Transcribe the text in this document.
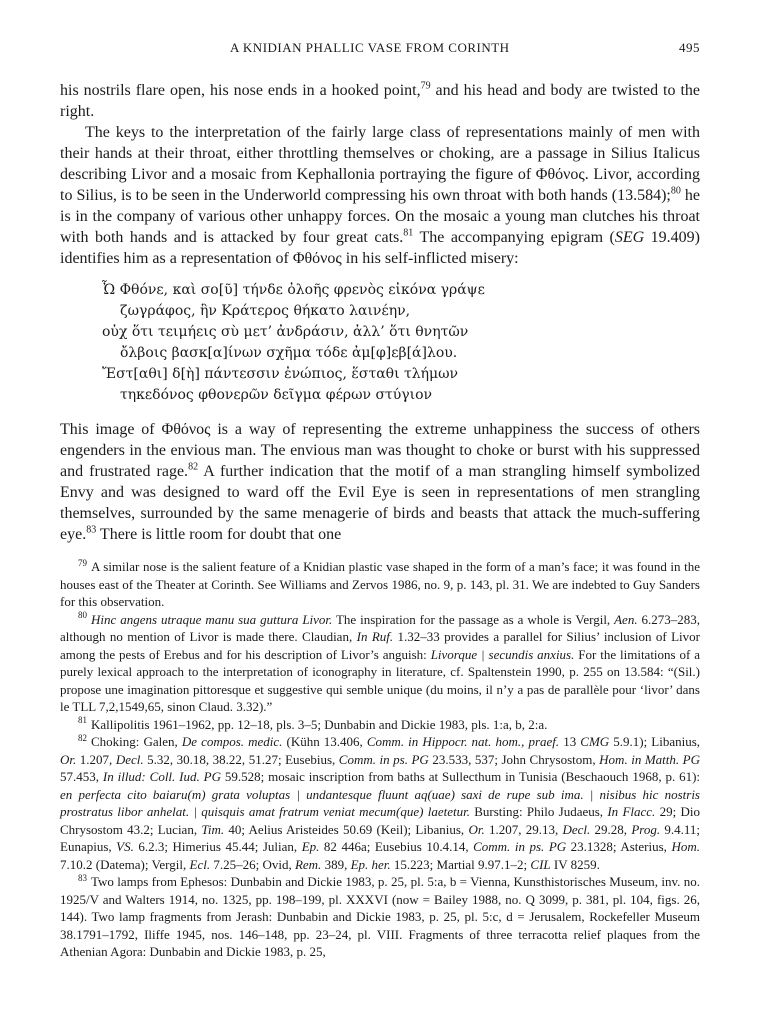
A KNIDIAN PHALLIC VASE FROM CORINTH	495

his nostrils flare open, his nose ends in a hooked point,$^{79}$ and his head and body are twisted to the right.

The keys to the interpretation of the fairly large class of representations mainly of men with their hands at their throat, either throttling themselves or choking, are a passage in Silius Italicus describing Livor and a mosaic from Kephallonia portraying the figure of Φθόνος. Livor, according to Silius, is to be seen in the Underworld compressing his own throat with both hands (13.584);$^{80}$ he is in the company of various other unhappy forces. On the mosaic a young man clutches his throat with both hands and is attacked by four great cats.$^{81}$ The accompanying epigram (SEG 19.409) identifies him as a representation of Φθόνος in his self-inflicted misery:

Ὦ Φθόνε, καὶ σο[ῦ] τήνδε ὀλοῆς φρενὸς εἰκόνα γράψε
ζωγράφος, ἣν Κράτερος θήκατο λαινέην,
οὐχ ὅτι τειμήεις σὺ μετ’ ἀνδράσιν, ἀλλ’ ὅτι θνητῶν
ὄλβοις βασκ[α]ίνων σχῆμα τόδε ἀμ[φ]εβ[ά]λου.
Ἔστ[αθι] δ[ὴ] πάντεσσιν ἐνώπιος, ἕσταθι τλήμων
τηκεδόνος φθονερῶν δεῖγμα φέρων στύγιον

This image of Φθόνος is a way of representing the extreme unhappiness the success of others engenders in the envious man. The envious man was thought to choke or burst with his suppressed and frustrated rage.$^{82}$ A further indication that the motif of a man strangling himself symbolized Envy and was designed to ward off the Evil Eye is seen in representations of men strangling themselves, surrounded by the same menagerie of birds and beasts that attack the much-suffering eye.$^{83}$ There is little room for doubt that one

$^{79}$ A similar nose is the salient feature of a Knidian plastic vase shaped in the form of a man’s face; it was found in the houses east of the Theater at Corinth. See Williams and Zervos 1986, no. 9, p. 143, pl. 31. We are indebted to Guy Sanders for this observation.

$^{80}$ Hinc angens utraque manu sua guttura Livor. The inspiration for the passage as a whole is Vergil, Aen. 6.273–283, although no mention of Livor is made there. Claudian, In Ruf. 1.32–33 provides a parallel for Silius’ inclusion of Livor among the pests of Erebus and for his description of Livor’s anguish: Livorque | secundis anxius. For the limitations of a purely lexical approach to the interpretation of iconography in literature, cf. Spaltenstein 1990, p. 255 on 13.584: “(Sil.) propose une imagination pittoresque et suggestive qui semble unique (du moins, il n’y a pas de parallèle pour ‘livor’ dans le TLL 7,2,1549,65, sinon Claud. 3.32).”

$^{81}$ Kallipolitis 1961–1962, pp. 12–18, pls. 3–5; Dunbabin and Dickie 1983, pls. 1:a, b, 2:a.

$^{82}$ Choking: Galen, De compos. medic. (Kühn 13.406, Comm. in Hippocr. nat. hom., praef. 13 CMG 5.9.1); Libanius, Or. 1.207, Decl. 5.32, 30.18, 38.22, 51.27; Eusebius, Comm. in ps. PG 23.533, 537; John Chrysostom, Hom. in Matth. PG 57.453, In illud: Coll. Iud. PG 59.528; mosaic inscription from baths at Sullecthum in Tunisia (Beschaouch 1968, p. 61): en perfecta cito baiaru(m) grata voluptas | undantesque fluunt aq(uae) saxi de rupe sub ima. | nisibus hic nostris prostratus libor anhelat. | quisquis amat fratrum veniat mecum(que) laetetur. Bursting: Philo Judaeus, In Flacc. 29; Dio Chrysostom 43.2; Lucian, Tim. 40; Aelius Aristeides 50.69 (Keil); Libanius, Or. 1.207, 29.13, Decl. 29.28, Prog. 9.4.11; Eunapius, VS. 6.2.3; Himerius 45.44; Julian, Ep. 82 446a; Eusebius 10.4.14, Comm. in ps. PG 23.1328; Asterius, Hom. 7.10.2 (Datema); Vergil, Ecl. 7.25–26; Ovid, Rem. 389, Ep. her. 15.223; Martial 9.97.1–2; CIL IV 8259.

$^{83}$ Two lamps from Ephesos: Dunbabin and Dickie 1983, p. 25, pl. 5:a, b = Vienna, Kunsthistorisches Museum, inv. no. 1925/V and Walters 1914, no. 1325, pp. 198–199, pl. XXXVI (now = Bailey 1988, no. Q 3099, p. 381, pl. 104, figs. 26, 144). Two lamp fragments from Jerash: Dunbabin and Dickie 1983, p. 25, pl. 5:c, d = Jerusalem, Rockefeller Museum 38.1791–1792, Iliffe 1945, nos. 146–148, pp. 23–24, pl. VIII. Fragments of three terracotta relief plaques from the Athenian Agora: Dunbabin and Dickie 1983, p. 25,
